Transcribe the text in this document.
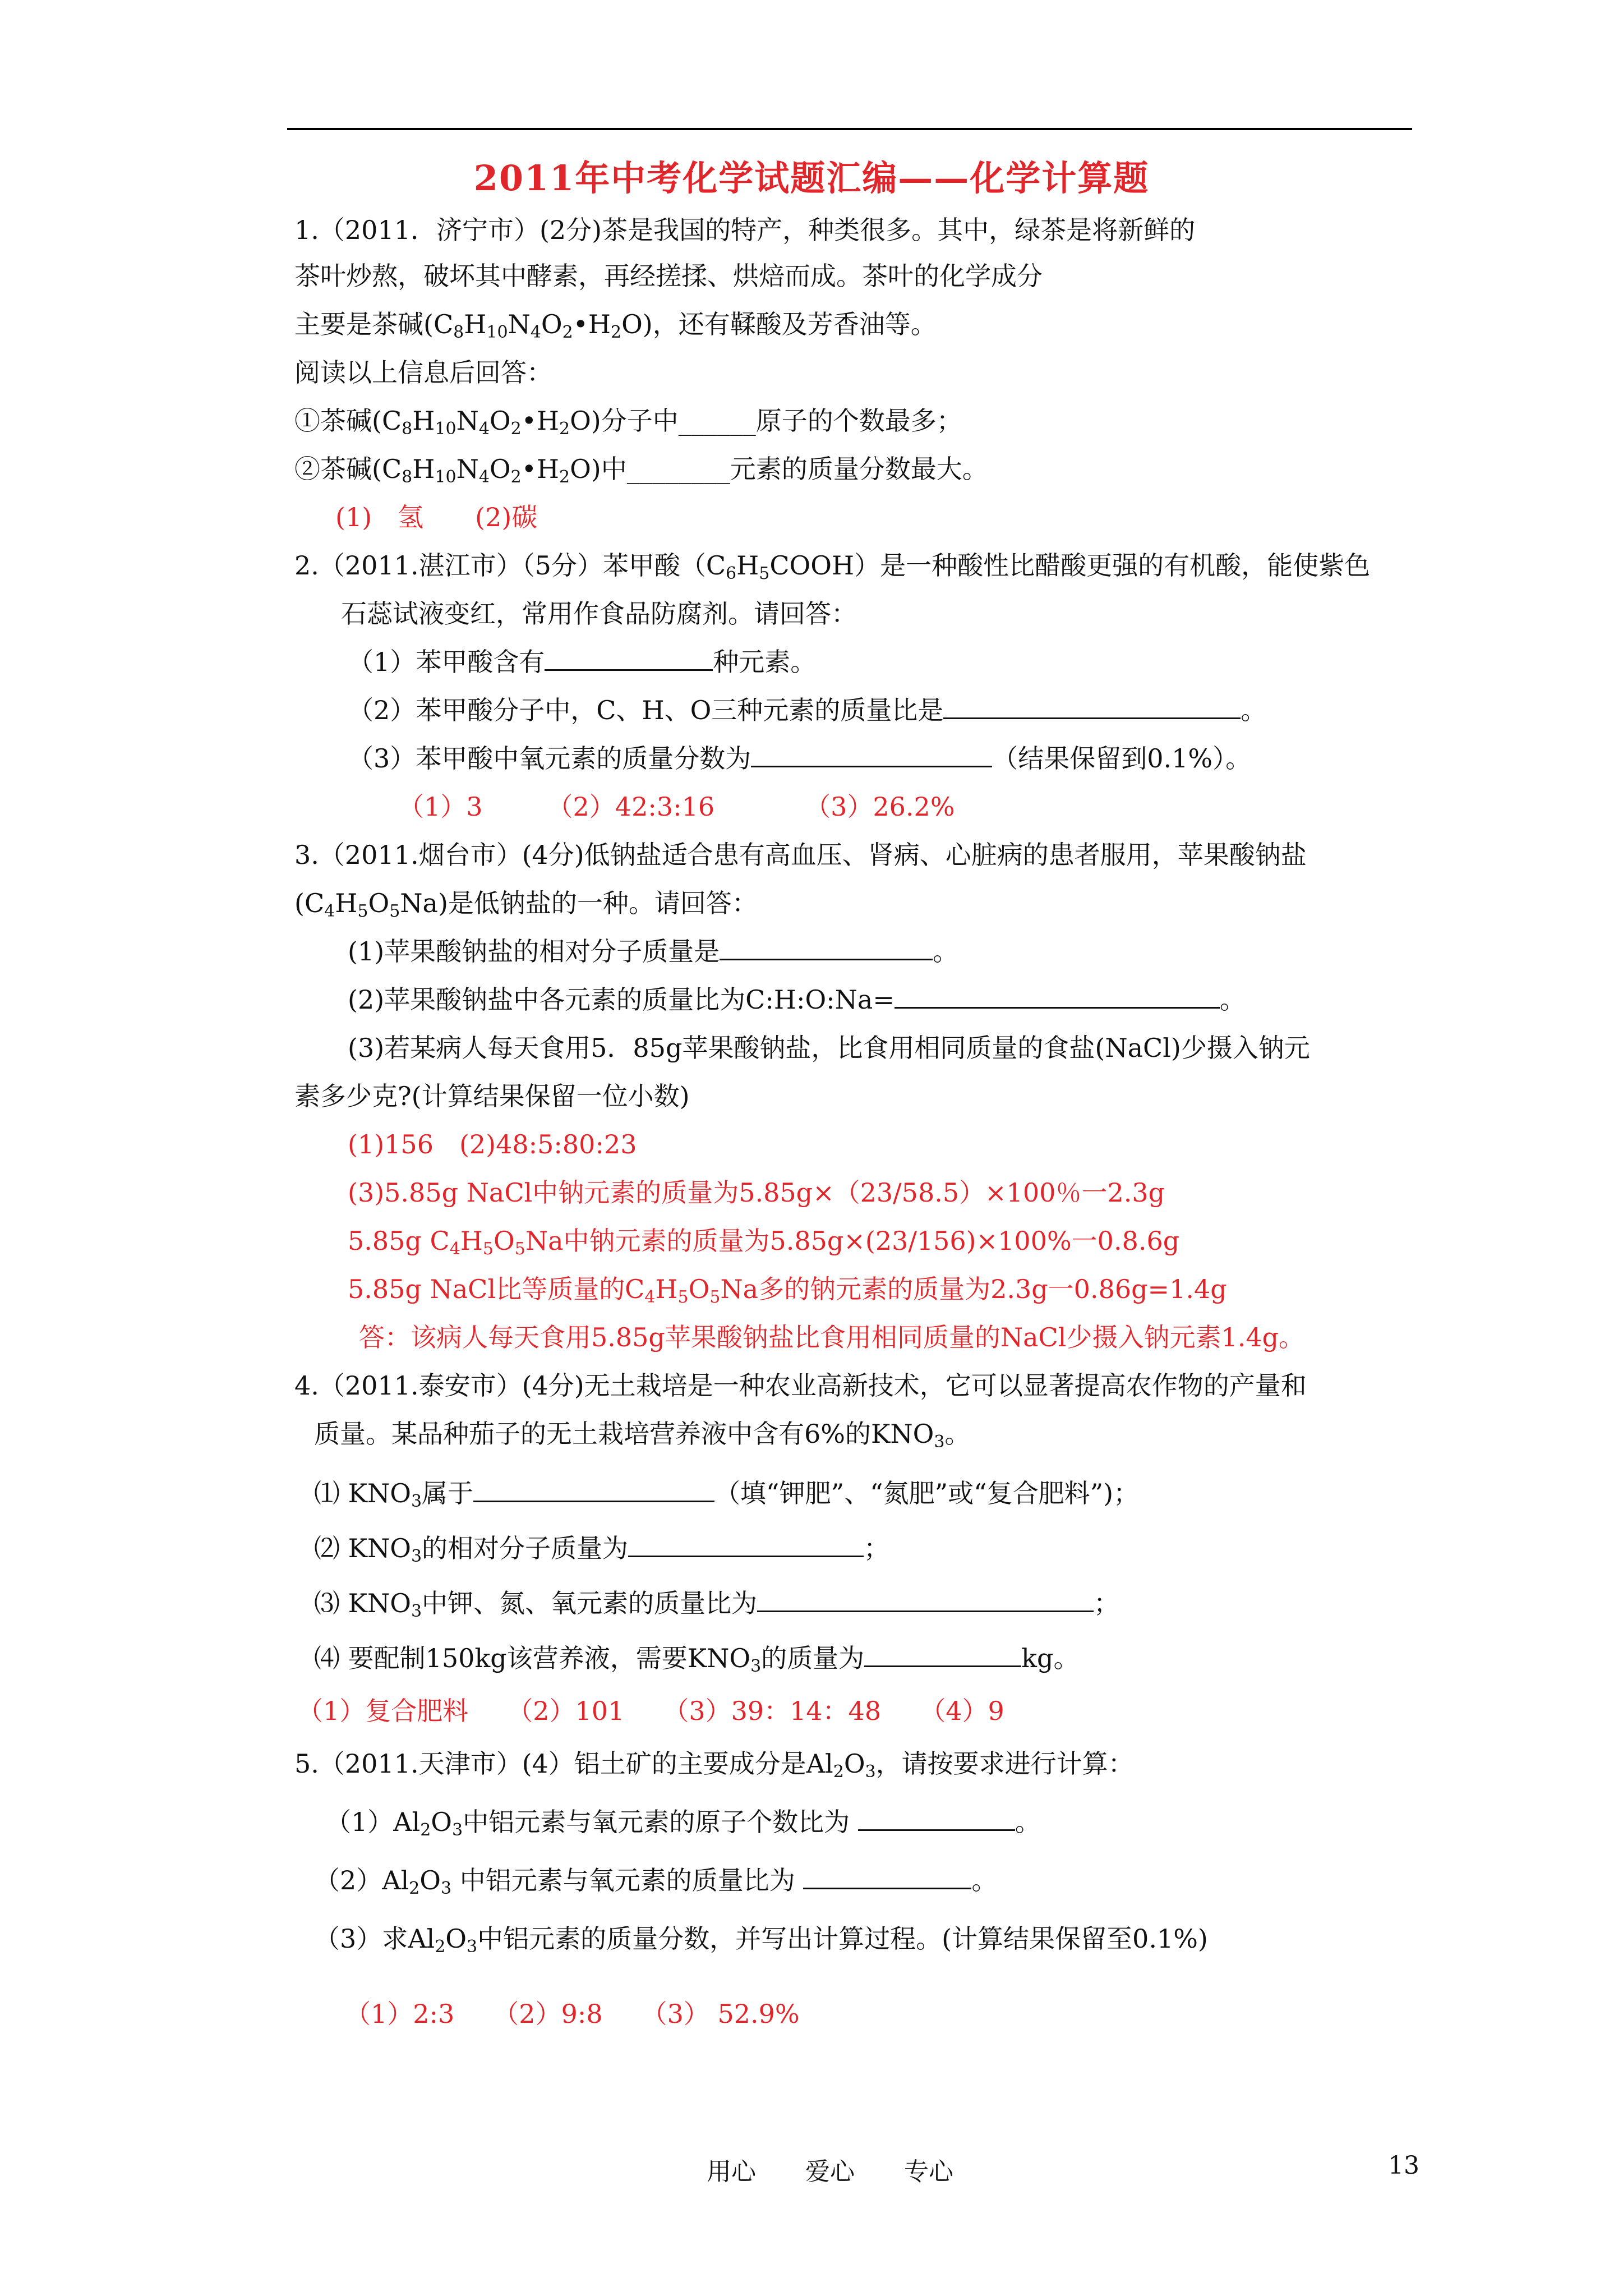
2011年中考化学试题汇编——化学计算题
1.（2011．济宁市）(2分)茶是我国的特产，种类很多。其中，绿茶是将新鲜的
茶叶炒熬，破坏其中酵素，再经搓揉、烘焙而成。茶叶的化学成分
主要是茶碱$(C_8H_{10}N_4O_2•H_2O)$，还有鞣酸及芳香油等。
阅读以上信息后回答：
①茶碱$(C_8H_{10}N_4O_2•H_2O)$分子中______原子的个数最多；
②茶碱$(C_8H_{10}N_4O_2•H_2O)$中________元素的质量分数最大。
(1)　氢　　(2)碳
2.（2011.湛江市）（5分）苯甲酸$(C_6H_5COOH)$是一种酸性比醋酸更强的有机酸，能使紫色
石蕊试液变红，常用作食品防腐剂。请回答：
（1）苯甲酸含有	种元素。
（2）苯甲酸分子中，C、H、O三种元素的质量比是	。
（3）苯甲酸中氧元素的质量分数为	（结果保留到0.1%）。
（1）3　　　（2）42:3:16　　　　（3）26.2%
3.（2011.烟台市）(4分)低钠盐适合患有高血压、肾病、心脏病的患者服用，苹果酸钠盐
$(C_4H_5O_5Na)$是低钠盐的一种。请回答：
(1)苹果酸钠盐的相对分子质量是	。
(2)苹果酸钠盐中各元素的质量比为C:H:O:Na=	。
(3)若某病人每天食用5．85g苹果酸钠盐，比食用相同质量的食盐(NaCl)少摄入钠元
素多少克?(计算结果保留一位小数)
(1)156　(2)48:5:80:23
(3)5.85g NaCl中钠元素的质量为5.85g×（23/58.5）×100％一2.3g
5.85g $C_4H_5O_5Na$中钠元素的质量为5.85g×(23/156)×100%一0.8.6g
5.85g NaCl比等质量的$C_4H_5O_5Na$多的钠元素的质量为2.3g一0.86g=1.4g
答：该病人每天食用5.85g苹果酸钠盐比食用相同质量的NaCl少摄入钠元素1.4g。
4.（2011.泰安市）(4分)无土栽培是一种农业高新技术，它可以显著提高农作物的产量和
质量。某品种茄子的无土栽培营养液中含有6%的$KNO_3$。
⑴ $KNO_3$属于	（填“钾肥”、“氮肥”或“复合肥料”)；
⑵ $KNO_3$的相对分子质量为	；
⑶ $KNO_3$中钾、氮、氧元素的质量比为	；
⑷ 要配制150kg该营养液，需要$KNO_3$的质量为	kg。
（1）复合肥料　　（2）101　　（3）39：14：48　　（4）9
5.（2011.天津市）(4）铝土矿的主要成分是$Al_2O_3$，请按要求进行计算：
$(1)Al_2O_3$中铝元素与氧元素的原子个数比为	。
$(2)Al_2O_3$ 中铝元素与氧元素的质量比为	。
（3）求$Al_2O_3$中铝元素的质量分数，并写出计算过程。(计算结果保留至0.1%)
（1）2:3　　（2）9:8　　（3） 52.9%
用心　　爱心　　专心	13
